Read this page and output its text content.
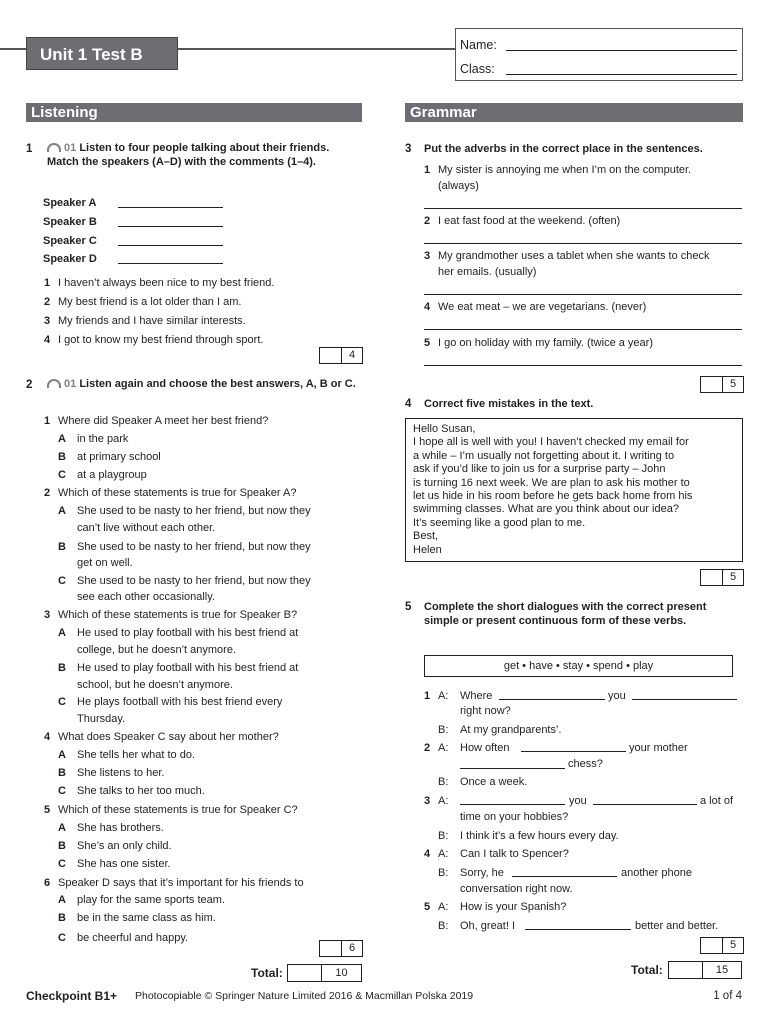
Unit 1 Test B	Name:
Class:
Listening
1	01 Listen to four people talking about their friends. Match the speakers (A–D) with the comments (1–4).
Speaker A
Speaker B
Speaker C
Speaker D
1 I haven’t always been nice to my best friend.
2 My best friend is a lot older than I am.
3 My friends and I have similar interests.
4 I got to know my best friend through sport.
4
2	01 Listen again and choose the best answers, A, B or C.
1 Where did Speaker A meet her best friend?
A in the park
B at primary school
C at a playgroup
2 Which of these statements is true for Speaker A?
A She used to be nasty to her friend, but now they
can’t live without each other.
B She used to be nasty to her friend, but now they
get on well.
C She used to be nasty to her friend, but now they
see each other occasionally.
3 Which of these statements is true for Speaker B?
A He used to play football with his best friend at
college, but he doesn’t anymore.
B He used to play football with his best friend at
school, but he doesn’t anymore.
C He plays football with his best friend every
Thursday.
4 What does Speaker C say about her mother?
A She tells her what to do.
B She listens to her.
C She talks to her too much.
5 Which of these statements is true for Speaker C?
A She has brothers.
B She’s an only child.
C She has one sister.
6 Speaker D says that it’s important for his friends to
A play for the same sports team.
B be in the same class as him.
C be cheerful and happy.
6
Total:	10
Grammar
3 Put the adverbs in the correct place in the sentences.
1 My sister is annoying me when I’m on the computer.
(always)
2 I eat fast food at the weekend. (often)
3 My grandmother uses a tablet when she wants to check
her emails. (usually)
4 We eat meat – we are vegetarians. (never)
5 I go on holiday with my family. (twice a year)
5
4 Correct five mistakes in the text.
Hello Susan,
I hope all is well with you! I haven’t checked my email for
a while – I’m usually not forgetting about it. I writing to
ask if you’d like to join us for a surprise party – John
is turning 16 next week. We are plan to ask his mother to
let us hide in his room before he gets back home from his
swimming classes. What are you think about our idea?
It’s seeming like a good plan to me.
Best,
Helen
5
5 Complete the short dialogues with the correct present simple or present continuous form of these verbs.
get • have • stay • spend • play
1 A: Where	you
right now?
B: At my grandparents’.
2 A: How often	your mother
chess?
B: Once a week.
3 A:	you	a lot of
time on your hobbies?
B: I think it’s a few hours every day.
4 A: Can I talk to Spencer?
B: Sorry, he	another phone
conversation right now.
5 A: How is your Spanish?
B: Oh, great! I	better and better.
5
Total:	15
Checkpoint B1+ Photocopiable © Springer Nature Limited 2016 & Macmillan Polska 2019	1 of 4
